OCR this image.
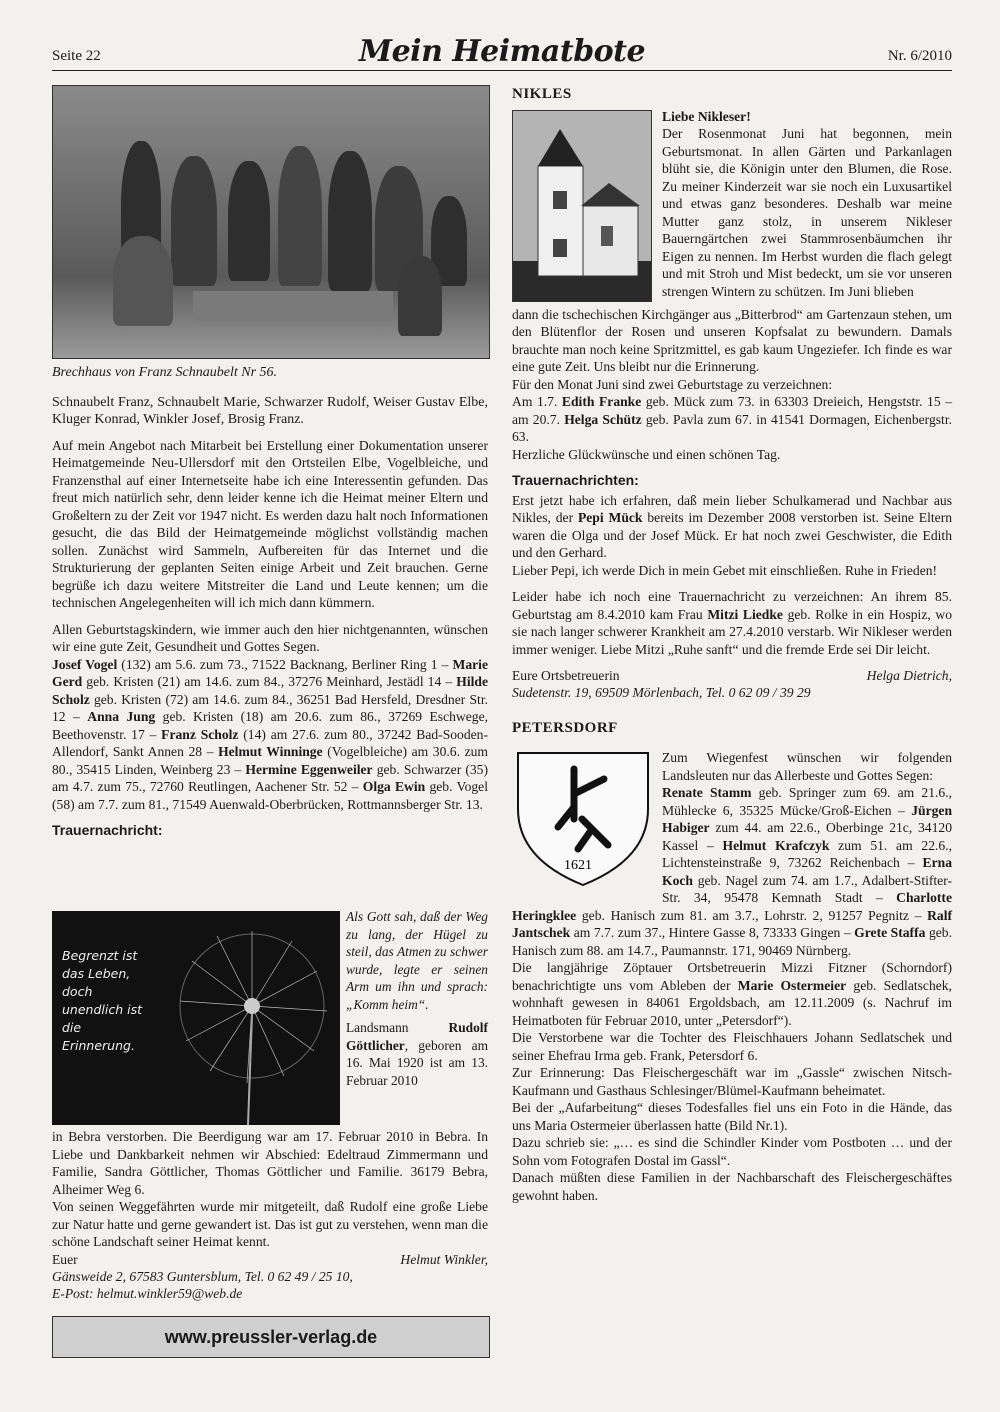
Seite 22	Mein Heimatbote	Nr. 6/2010

Brechhaus von Franz Schnaubelt Nr 56.

Schnaubelt Franz, Schnaubelt Marie, Schwarzer Rudolf, Weiser Gustav Elbe, Kluger Konrad, Winkler Josef, Brosig Franz.

Auf mein Angebot nach Mitarbeit bei Erstellung einer Dokumentation unserer Heimatgemeinde Neu-Ullersdorf mit den Ortsteilen Elbe, Vogelbleiche, und Franzensthal auf einer Internetseite habe ich eine Interessentin gefunden. Das freut mich natürlich sehr, denn leider kenne ich die Heimat meiner Eltern und Großeltern zu der Zeit vor 1947 nicht. Es werden dazu halt noch Informationen gesucht, die das Bild der Heimatgemeinde möglichst vollständig machen sollen. Zunächst wird Sammeln, Aufbereiten für das Internet und die Strukturierung der geplanten Seiten einige Arbeit und Zeit brauchen. Gerne begrüße ich dazu weitere Mitstreiter die Land und Leute kennen; um die technischen Angelegenheiten will ich mich dann kümmern.

Allen Geburtstagskindern, wie immer auch den hier nichtgenannten, wünschen wir eine gute Zeit, Gesundheit und Gottes Segen.

Josef Vogel (132) am 5.6. zum 73., 71522 Backnang, Berliner Ring 1 – Marie Gerd geb. Kristen (21) am 14.6. zum 84., 37276 Meinhard, Jestädl 14 – Hilde Scholz geb. Kristen (72) am 14.6. zum 84., 36251 Bad Hersfeld, Dresdner Str. 12 – Anna Jung geb. Kristen (18) am 20.6. zum 86., 37269 Eschwege, Beethovenstr. 17 – Franz Scholz (14) am 27.6. zum 80., 37242 Bad-Sooden-Allendorf, Sankt Annen 28 – Helmut Winninge (Vogelbleiche) am 30.6. zum 80., 35415 Linden, Weinberg 23 – Hermine Eggenweiler geb. Schwarzer (35) am 4.7. zum 75., 72760 Reutlingen, Aachener Str. 52 – Olga Ewin geb. Vogel (58) am 7.7. zum 81., 71549 Auenwald-Oberbrücken, Rottmannsberger Str. 13.

Trauernachricht:

Begrenzt ist das Leben, doch unendlich ist die Erinnerung.

Als Gott sah, daß der Weg zu lang, der Hügel zu steil, das Atmen zu schwer wurde, legte er seinen Arm um ihn und sprach: „Komm heim“.

Landsmann Rudolf Göttlicher, geboren am 16. Mai 1920 ist am 13. Februar 2010

in Bebra verstorben. Die Beerdigung war am 17. Februar 2010 in Bebra. In Liebe und Dankbarkeit nehmen wir Abschied: Edeltraud Zimmermann und Familie, Sandra Göttlicher, Thomas Göttlicher und Familie. 36179 Bebra, Alheimer Weg 6.

Von seinen Weggefährten wurde mir mitgeteilt, daß Rudolf eine große Liebe zur Natur hatte und gerne gewandert ist. Das ist gut zu verstehen, wenn man die schöne Landschaft seiner Heimat kennt.

Euer	Helmut Winkler,

Gänsweide 2, 67583 Guntersblum, Tel. 0 62 49 / 25 10,

E-Post: helmut.winkler59@web.de

www.preussler-verlag.de

NIKLES

Liebe Nikleser!

Der Rosenmonat Juni hat begonnen, mein Geburtsmonat. In allen Gärten und Parkanlagen blüht sie, die Königin unter den Blumen, die Rose. Zu meiner Kinderzeit war sie noch ein Luxusartikel und etwas ganz besonderes. Deshalb war meine Mutter ganz stolz, in unserem Nikleser Bauerngärtchen zwei Stammrosenbäumchen ihr Eigen zu nennen. Im Herbst wurden die flach gelegt und mit Stroh und Mist bedeckt, um sie vor unseren strengen Wintern zu schützen. Im Juni blieben

dann die tschechischen Kirchgänger aus „Bitterbrod“ am Gartenzaun stehen, um den Blütenflor der Rosen und unseren Kopfsalat zu bewundern. Damals brauchte man noch keine Spritzmittel, es gab kaum Ungeziefer. Ich finde es war eine gute Zeit. Uns bleibt nur die Erinnerung.

Für den Monat Juni sind zwei Geburtstage zu verzeichnen:

Am 1.7. Edith Franke geb. Mück zum 73. in 63303 Dreieich, Hengststr. 15 – am 20.7. Helga Schütz geb. Pavla zum 67. in 41541 Dormagen, Eichenbergstr. 63.

Herzliche Glückwünsche und einen schönen Tag.

Trauernachrichten:

Erst jetzt habe ich erfahren, daß mein lieber Schulkamerad und Nachbar aus Nikles, der Pepi Mück bereits im Dezember 2008 verstorben ist. Seine Eltern waren die Olga und der Josef Mück. Er hat noch zwei Geschwister, die Edith und den Gerhard.

Lieber Pepi, ich werde Dich in mein Gebet mit einschließen. Ruhe in Frieden!

Leider habe ich noch eine Trauernachricht zu verzeichnen: An ihrem 85. Geburtstag am 8.4.2010 kam Frau Mitzi Liedke geb. Rolke in ein Hospiz, wo sie nach langer schwerer Krankheit am 27.4.2010 verstarb. Wir Nikleser werden immer weniger. Liebe Mitzi „Ruhe sanft“ und die fremde Erde sei Dir leicht.

Eure Ortsbetreuerin	Helga Dietrich,

Sudetenstr. 19, 69509 Mörlenbach, Tel. 0 62 09 / 39 29

PETERSDORF

1621

Zum Wiegenfest wünschen wir folgenden Landsleuten nur das Allerbeste und Gottes Segen:

Renate Stamm geb. Springer zum 69. am 21.6., Mühlecke 6, 35325 Mücke/Groß-Eichen – Jürgen Habiger zum 44. am 22.6., Oberbinge 21c, 34120 Kassel – Helmut Krafczyk zum 51. am 22.6., Lichtensteinstraße 9, 73262 Reichenbach – Erna Koch geb. Nagel zum 74. am 1.7., Adalbert-Stifter-Str. 34, 95478 Kemnath Stadt – Charlotte Heringklee geb. Hanisch zum 81. am 3.7., Lohrstr. 2, 91257 Pegnitz – Ralf Jantschek am 7.7. zum 37., Hintere Gasse 8, 73333 Gingen – Grete Staffa geb. Hanisch zum 88. am 14.7., Paumannstr. 171, 90469 Nürnberg.

Die langjährige Zöptauer Ortsbetreuerin Mizzi Fitzner (Schorndorf) benachrichtigte uns vom Ableben der Marie Ostermeier geb. Sedlatschek, wohnhaft gewesen in 84061 Ergoldsbach, am 12.11.2009 (s. Nachruf im Heimatboten für Februar 2010, unter „Petersdorf“).

Die Verstorbene war die Tochter des Fleischhauers Johann Sedlatschek und seiner Ehefrau Irma geb. Frank, Petersdorf 6.

Zur Erinnerung: Das Fleischergeschäft war im „Gassle“ zwischen Nitsch-Kaufmann und Gasthaus Schlesinger/Blümel-Kaufmann beheimatet.

Bei der „Aufarbeitung“ dieses Todesfalles fiel uns ein Foto in die Hände, das uns Maria Ostermeier überlassen hatte (Bild Nr.1).

Dazu schrieb sie: „… es sind die Schindler Kinder vom Postboten … und der Sohn vom Fotografen Dostal im Gassl“.

Danach müßten diese Familien in der Nachbarschaft des Fleischergeschäftes gewohnt haben.
